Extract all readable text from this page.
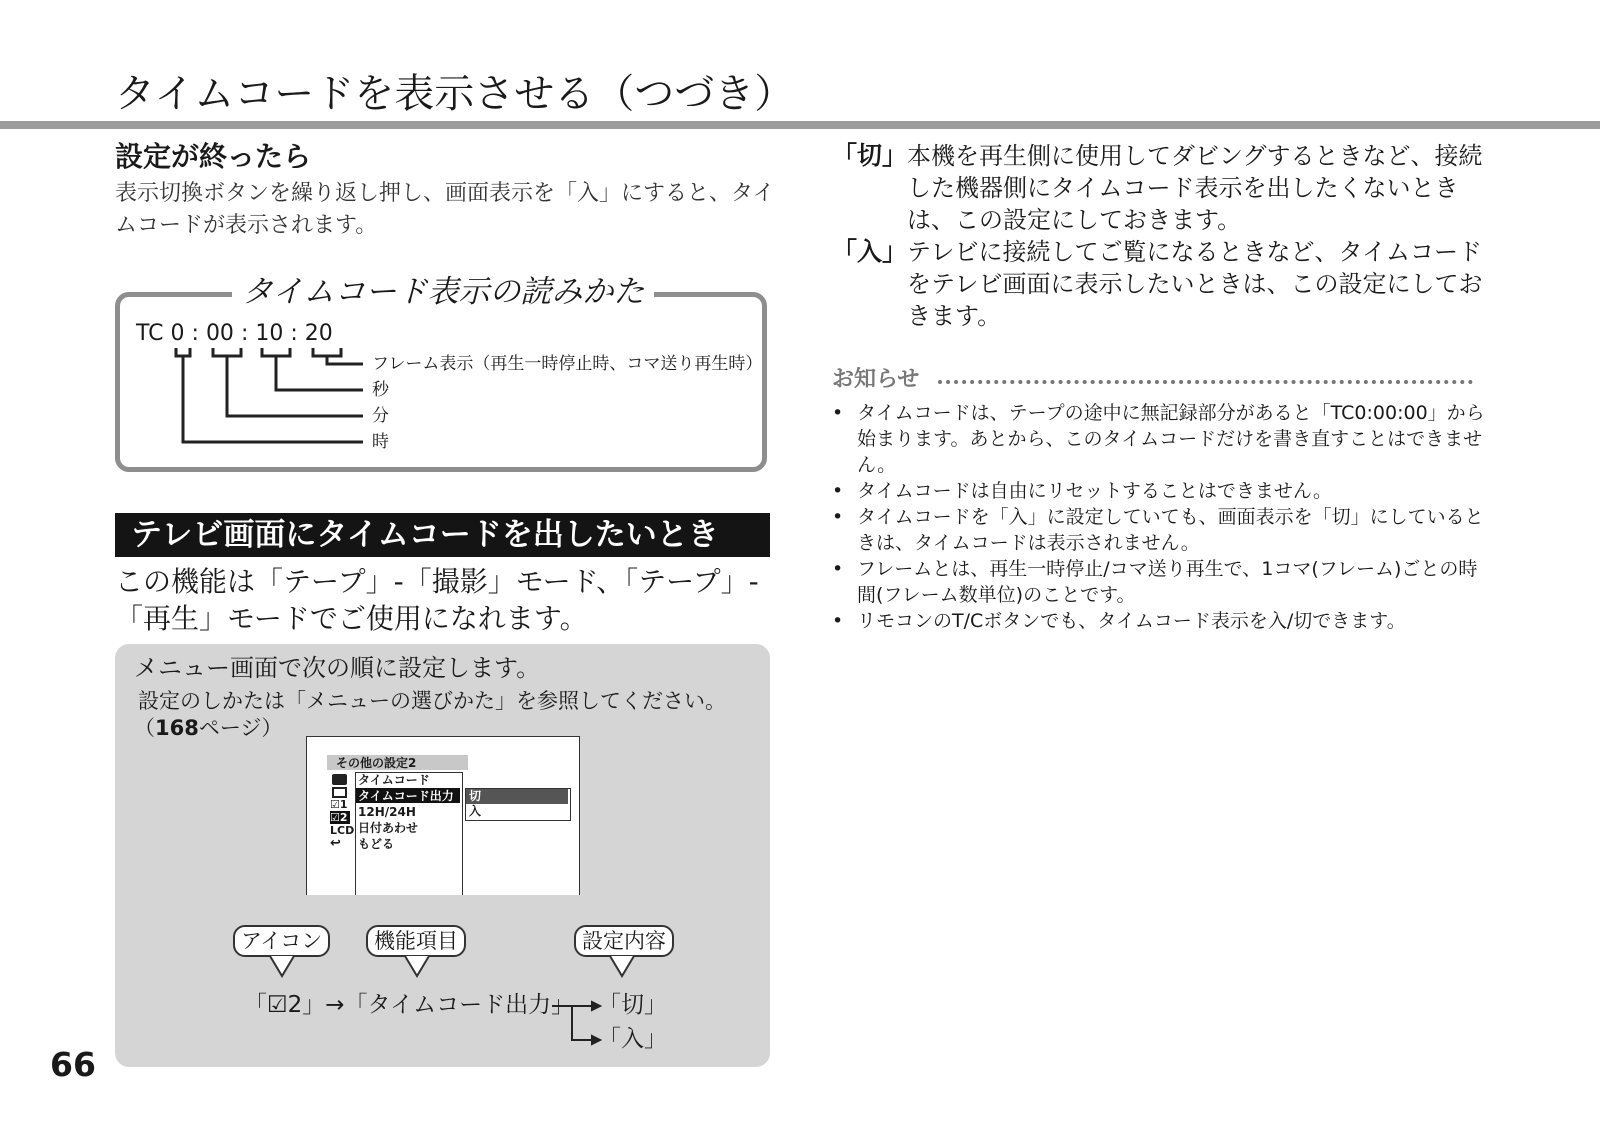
タイムコードを表示させる（つづき）
設定が終ったら
表示切換ボタンを繰り返し押し、画面表示を「入」にすると、タイムコードが表示されます。
タイムコード表示の読みかた
TC 0 : 00 : 10 : 20
フレーム表示（再生一時停止時、コマ送り再生時）
秒
分
時
テレビ画面にタイムコードを出したいとき
この機能は「テープ」-「撮影」モード、「テープ」-「再生」モードでご使用になれます。
メニュー画面で次の順に設定します。
設定のしかたは「メニューの選びかた」を参照してください。
（168ページ）
その他の設定2
☑1
☑2
LCD
↩
タイムコード
タイムコード出力
12H/24H
日付あわせ
もどる
切
入
アイコン	機能項目	設定内容
「☑2」→「タイムコード出力」 「切」
「入」
66
「切」 本機を再生側に使用してダビングするときなど、接続した機器側にタイムコード表示を出したくないときは、この設定にしておきます。
「入」 テレビに接続してご覧になるときなど、タイムコードをテレビ画面に表示したいときは、この設定にしておきます。
お知らせ
• タイムコードは、テープの途中に無記録部分があると「TC0:00:00」から始まります。あとから、このタイムコードだけを書き直すことはできません。
• タイムコードは自由にリセットすることはできません。
• タイムコードを「入」に設定していても、画面表示を「切」にしているときは、タイムコードは表示されません。
• フレームとは、再生一時停止/コマ送り再生で、1コマ(フレーム)ごとの時間(フレーム数単位)のことです。
• リモコンのT/Cボタンでも、タイムコード表示を入/切できます。
